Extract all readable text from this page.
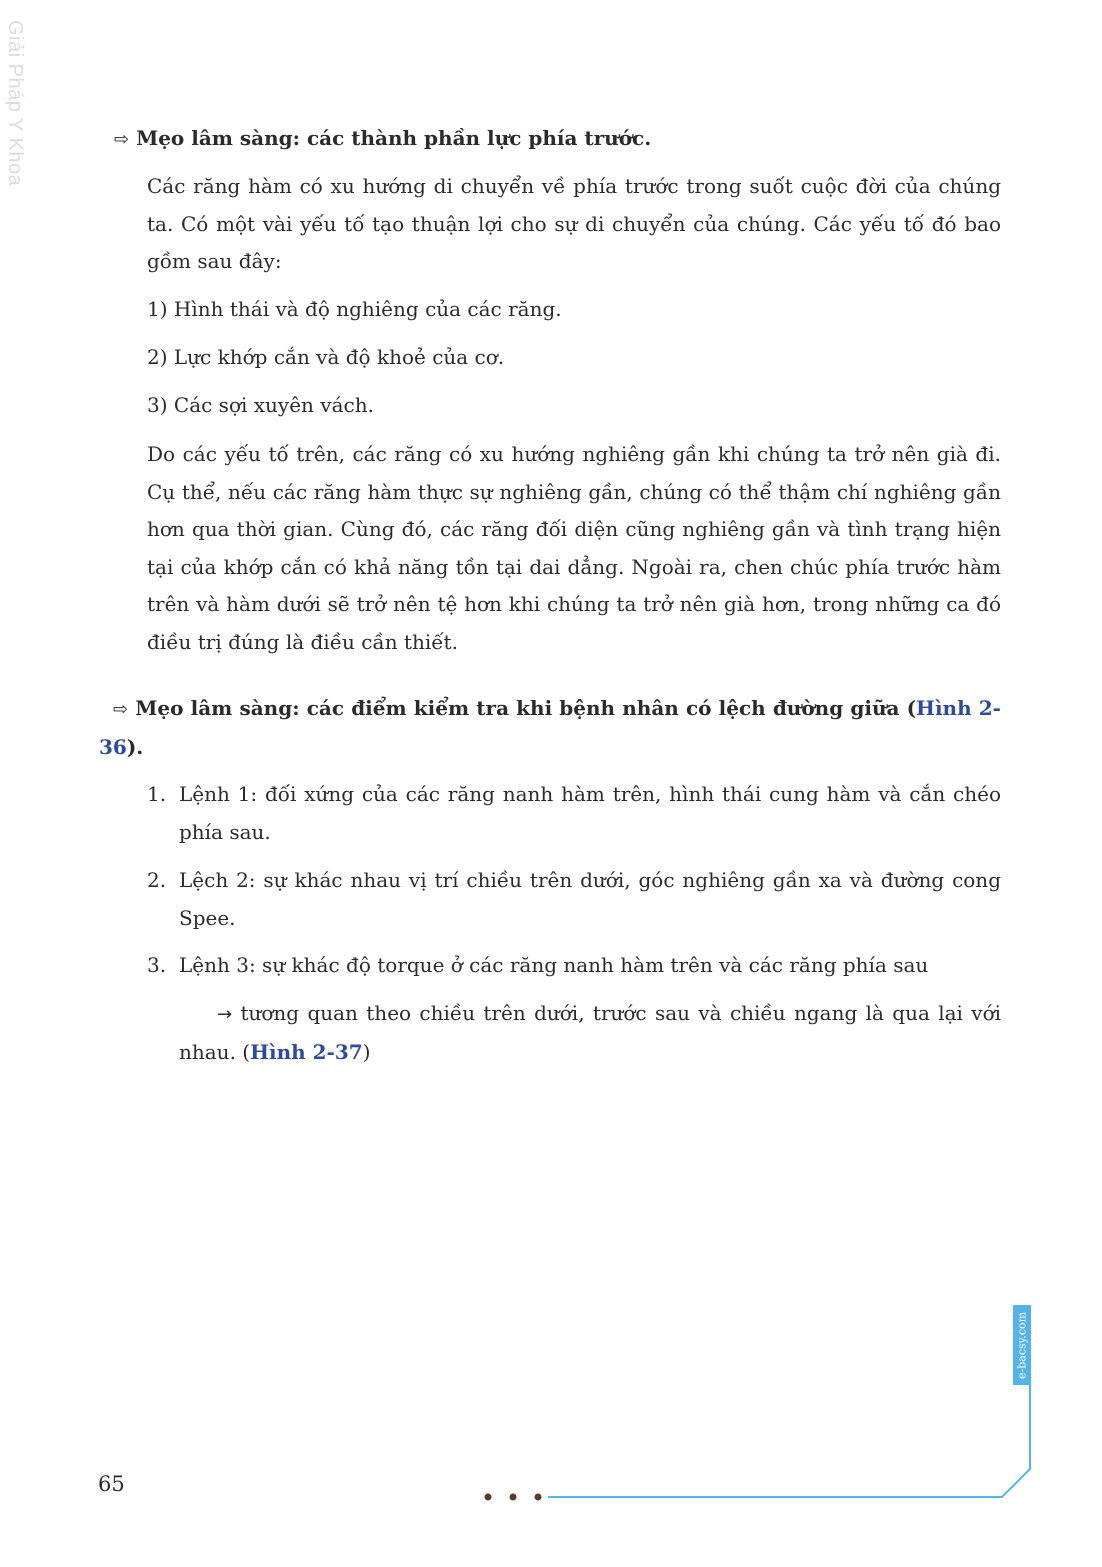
Giải Pháp Y Khoa	⇨ Mẹo lâm sàng: các thành phần lực phía trước.
Các răng hàm có xu hướng di chuyển về phía trước trong suốt cuộc đời của chúng ta. Có một vài yếu tố tạo thuận lợi cho sự di chuyển của chúng. Các yếu tố đó bao gồm sau đây:
1) Hình thái và độ nghiêng của các răng.
2) Lực khớp cắn và độ khoẻ của cơ.
3) Các sợi xuyên vách.
Do các yếu tố trên, các răng có xu hướng nghiêng gần khi chúng ta trở nên già đi. Cụ thể, nếu các răng hàm thực sự nghiêng gần, chúng có thể thậm chí nghiêng gần hơn qua thời gian. Cùng đó, các răng đối diện cũng nghiêng gần và tình trạng hiện tại của khớp cắn có khả năng tồn tại dai dẳng. Ngoài ra, chen chúc phía trước hàm trên và hàm dưới sẽ trở nên tệ hơn khi chúng ta trở nên già hơn, trong những ca đó điều trị đúng là điều cần thiết.
⇨ Mẹo lâm sàng: các điểm kiểm tra khi bệnh nhân có lệch đường giữa (Hình 2-36).
1. Lệnh 1: đối xứng của các răng nanh hàm trên, hình thái cung hàm và cắn chéo phía sau.
2. Lệch 2: sự khác nhau vị trí chiều trên dưới, góc nghiêng gần xa và đường cong Spee.
3. Lệnh 3: sự khác độ torque ở các răng nanh hàm trên và các răng phía sau
→ tương quan theo chiều trên dưới, trước sau và chiều ngang là qua lại với nhau. (Hình 2-37)
65
e-bacsy.com
